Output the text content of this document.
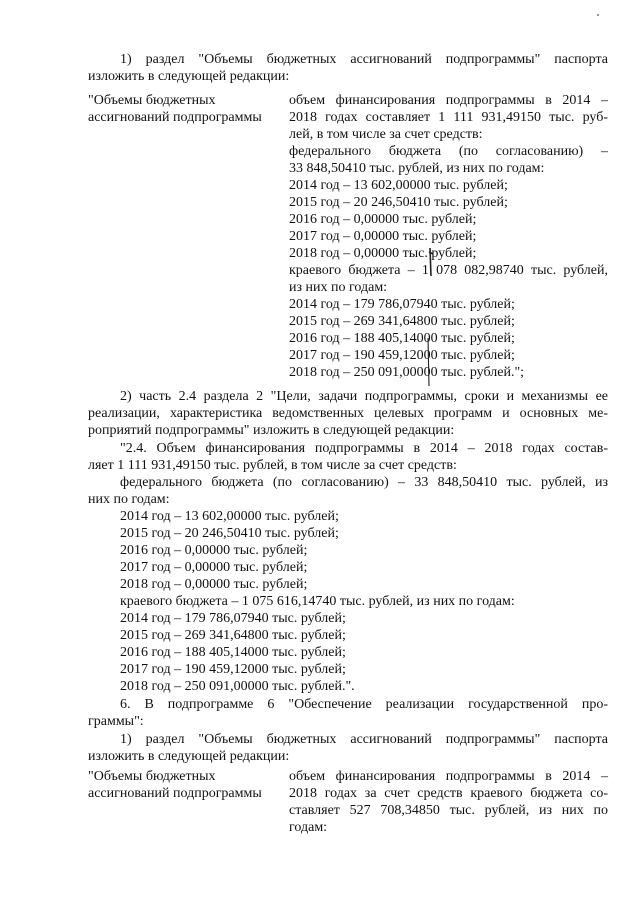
1) раздел "Объемы бюджетных ассигнований подпрограммы" паспорта
изложить в следующей редакции:
"Объемы бюджетных
ассигнований подпрограммы
объем финансирования подпрограммы в 2014 –
2018 годах составляет 1 111 931,49150 тыс. руб-
лей, в том числе за счет средств:
федерального бюджета (по согласованию) –
33 848,50410 тыс. рублей, из них по годам:
2014 год – 13 602,00000 тыс. рублей;
2015 год – 20 246,50410 тыс. рублей;
2016 год – 0,00000 тыс. рублей;
2017 год – 0,00000 тыс. рублей;
2018 год – 0,00000 тыс. рублей;
краевого бюджета – 1 078 082,98740 тыс. рублей,
из них по годам:
2014 год – 179 786,07940 тыс. рублей;
2015 год – 269 341,64800 тыс. рублей;
2016 год – 188 405,14000 тыс. рублей;
2017 год – 190 459,12000 тыс. рублей;
2018 год – 250 091,00000 тыс. рублей.";
2) часть 2.4 раздела 2 "Цели, задачи подпрограммы, сроки и механизмы ее
реализации, характеристика ведомственных целевых программ и основных ме-
роприятий подпрограммы" изложить в следующей редакции:
"2.4. Объем финансирования подпрограммы в 2014 – 2018 годах состав-
ляет 1 111 931,49150 тыс. рублей, в том числе за счет средств:
федерального бюджета (по согласованию) – 33 848,50410 тыс. рублей, из
них по годам:
2014 год – 13 602,00000 тыс. рублей;
2015 год – 20 246,50410 тыс. рублей;
2016 год – 0,00000 тыс. рублей;
2017 год – 0,00000 тыс. рублей;
2018 год – 0,00000 тыс. рублей;
краевого бюджета – 1 075 616,14740 тыс. рублей, из них по годам:
2014 год – 179 786,07940 тыс. рублей;
2015 год – 269 341,64800 тыс. рублей;
2016 год – 188 405,14000 тыс. рублей;
2017 год – 190 459,12000 тыс. рублей;
2018 год – 250 091,00000 тыс. рублей.".
6. В подпрограмме 6 "Обеспечение реализации государственной про-
граммы":
1) раздел "Объемы бюджетных ассигнований подпрограммы" паспорта
изложить в следующей редакции:
"Объемы бюджетных
ассигнований подпрограммы
объем финансирования подпрограммы в 2014 –
2018 годах за счет средств краевого бюджета со-
ставляет 527 708,34850 тыс. рублей, из них по
годам:
